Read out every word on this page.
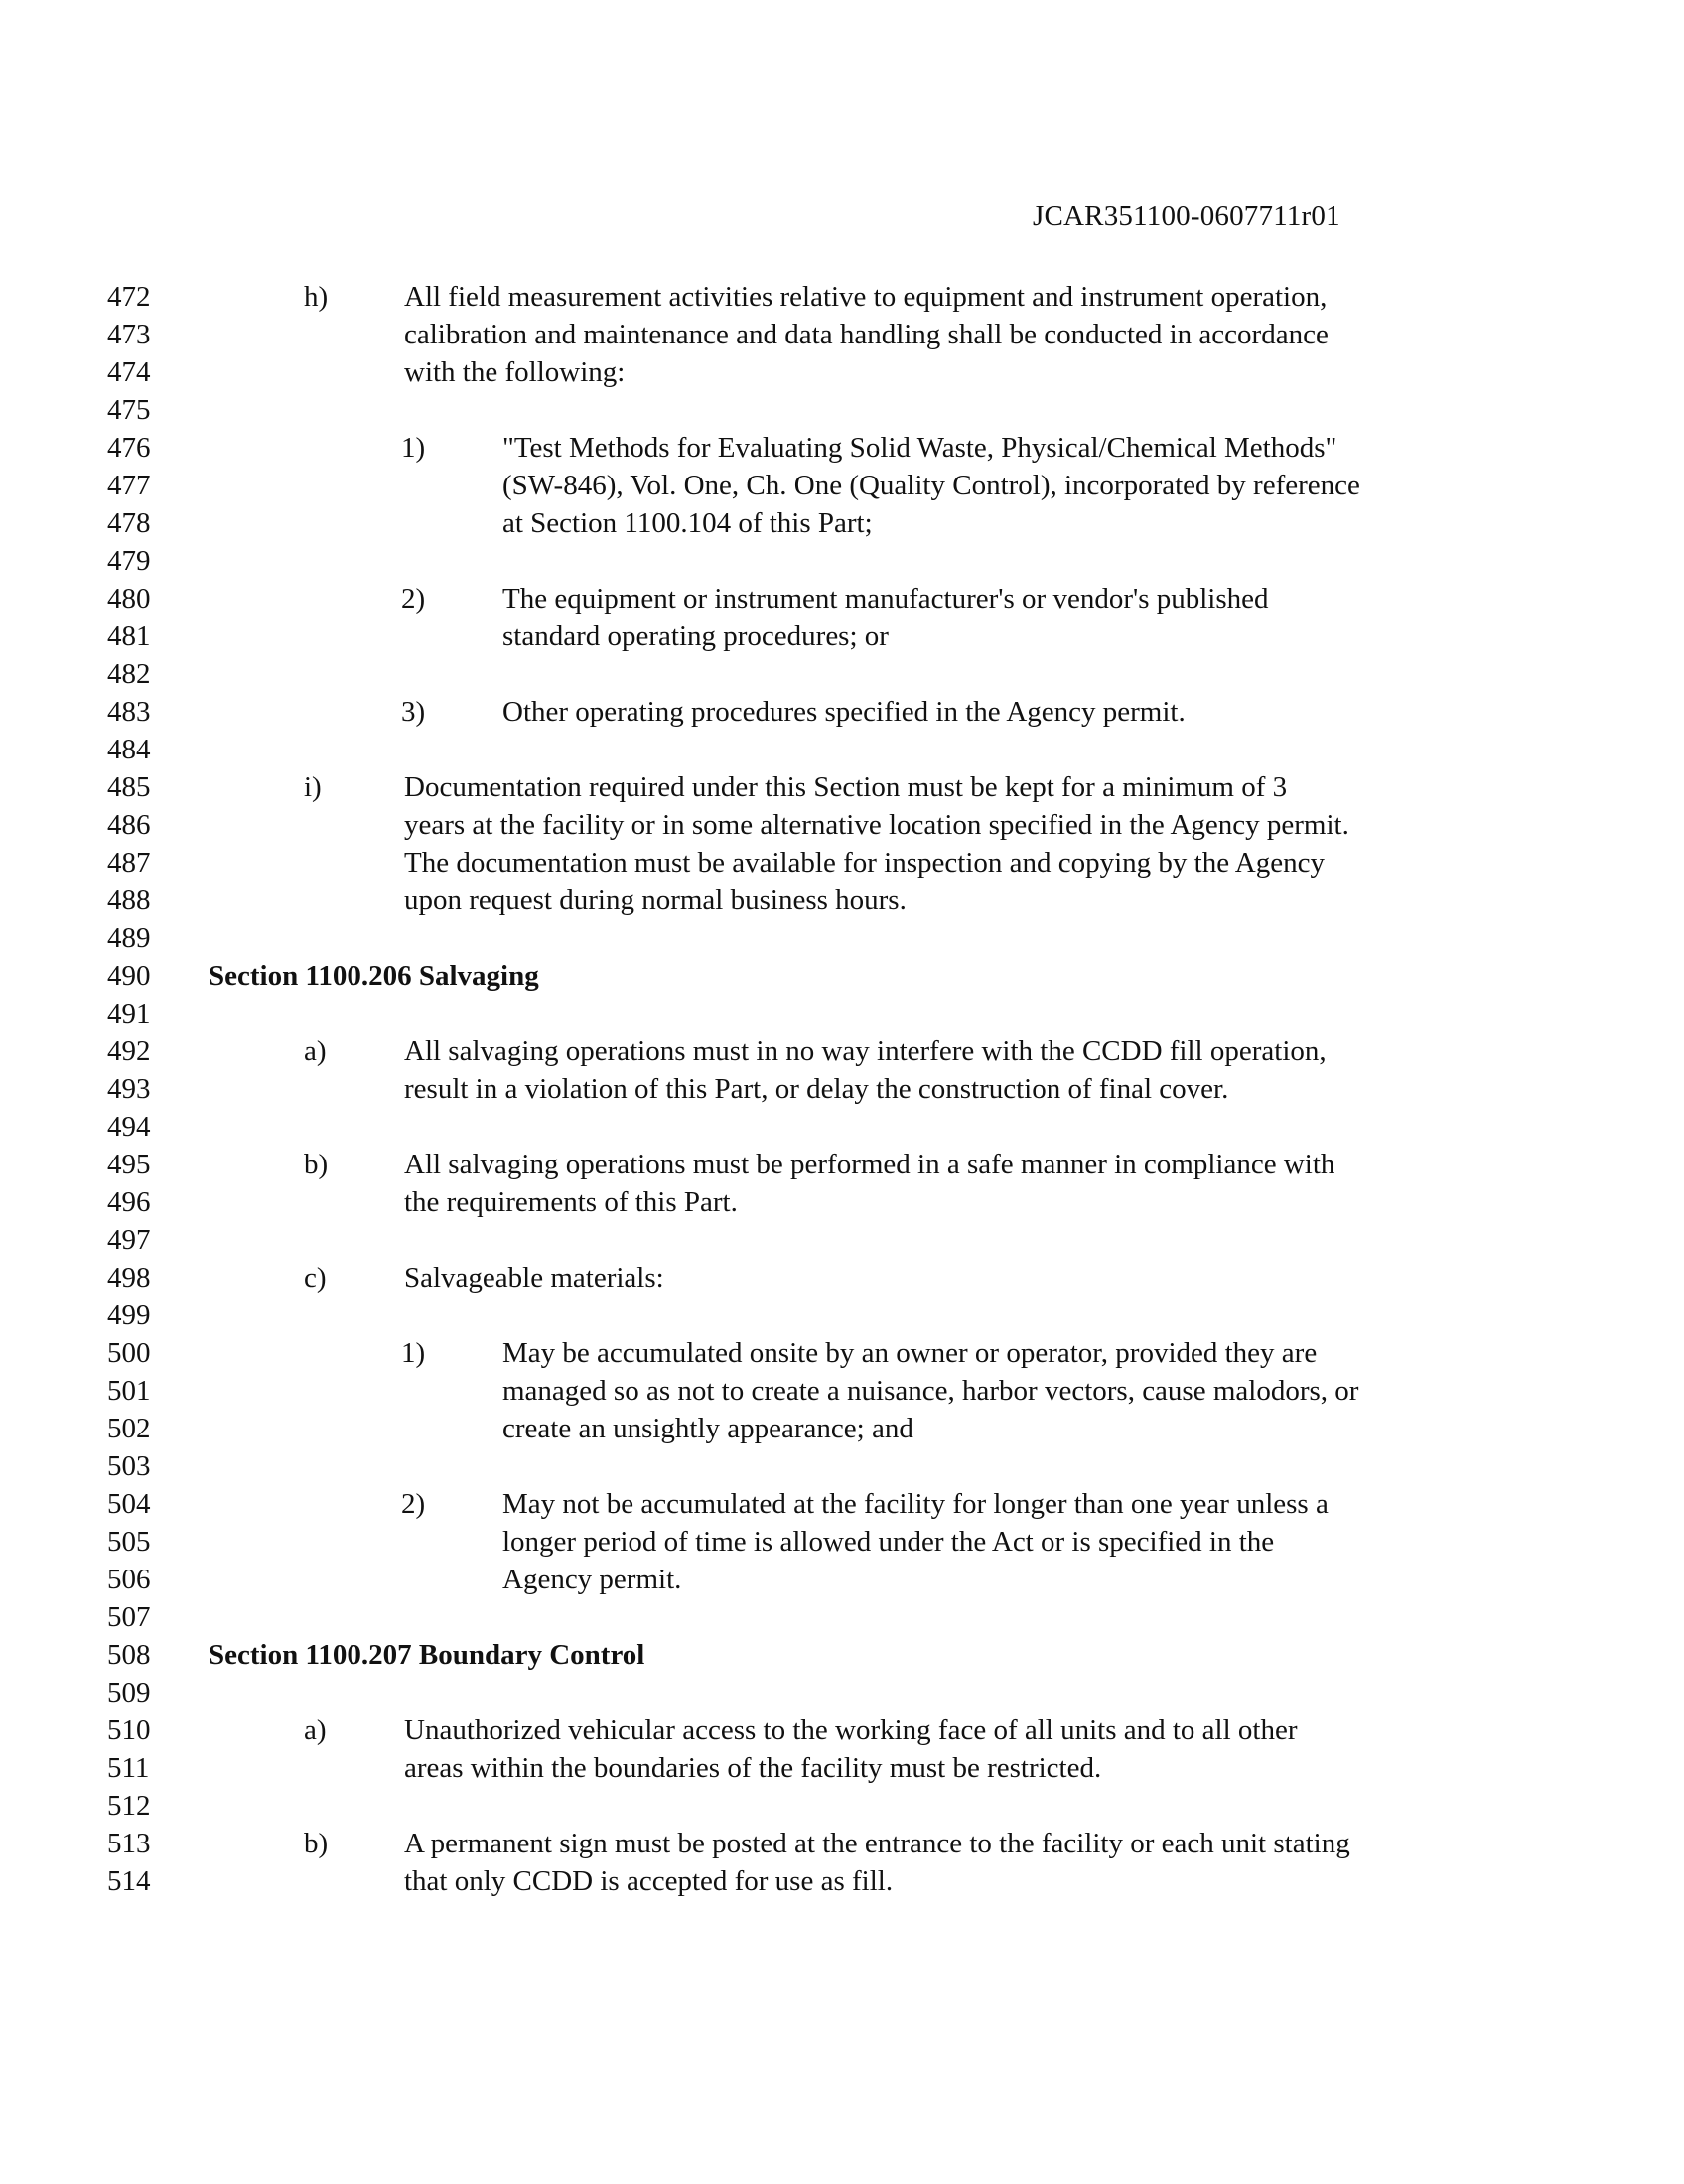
JCAR351100-0607711r01
472	h)	All field measurement activities relative to equipment and instrument operation,
473	calibration and maintenance and data handling shall be conducted in accordance
474	with the following:
475
476	1)	"Test Methods for Evaluating Solid Waste, Physical/Chemical Methods"
477	(SW-846), Vol. One, Ch. One (Quality Control), incorporated by reference
478	at Section 1100.104 of this Part;
479
480	2)	The equipment or instrument manufacturer's or vendor's published
481	standard operating procedures; or
482
483	3)	Other operating procedures specified in the Agency permit.
484
485	i)	Documentation required under this Section must be kept for a minimum of 3
486	years at the facility or in some alternative location specified in the Agency permit.
487	The documentation must be available for inspection and copying by the Agency
488	upon request during normal business hours.
489
490	Section 1100.206 Salvaging
491
492	a)	All salvaging operations must in no way interfere with the CCDD fill operation,
493	result in a violation of this Part, or delay the construction of final cover.
494
495	b)	All salvaging operations must be performed in a safe manner in compliance with
496	the requirements of this Part.
497
498	c)	Salvageable materials:
499
500	1)	May be accumulated onsite by an owner or operator, provided they are
501	managed so as not to create a nuisance, harbor vectors, cause malodors, or
502	create an unsightly appearance; and
503
504	2)	May not be accumulated at the facility for longer than one year unless a
505	longer period of time is allowed under the Act or is specified in the
506	Agency permit.
507
508	Section 1100.207 Boundary Control
509
510	a)	Unauthorized vehicular access to the working face of all units and to all other
511	areas within the boundaries of the facility must be restricted.
512
513	b)	A permanent sign must be posted at the entrance to the facility or each unit stating
514	that only CCDD is accepted for use as fill.
